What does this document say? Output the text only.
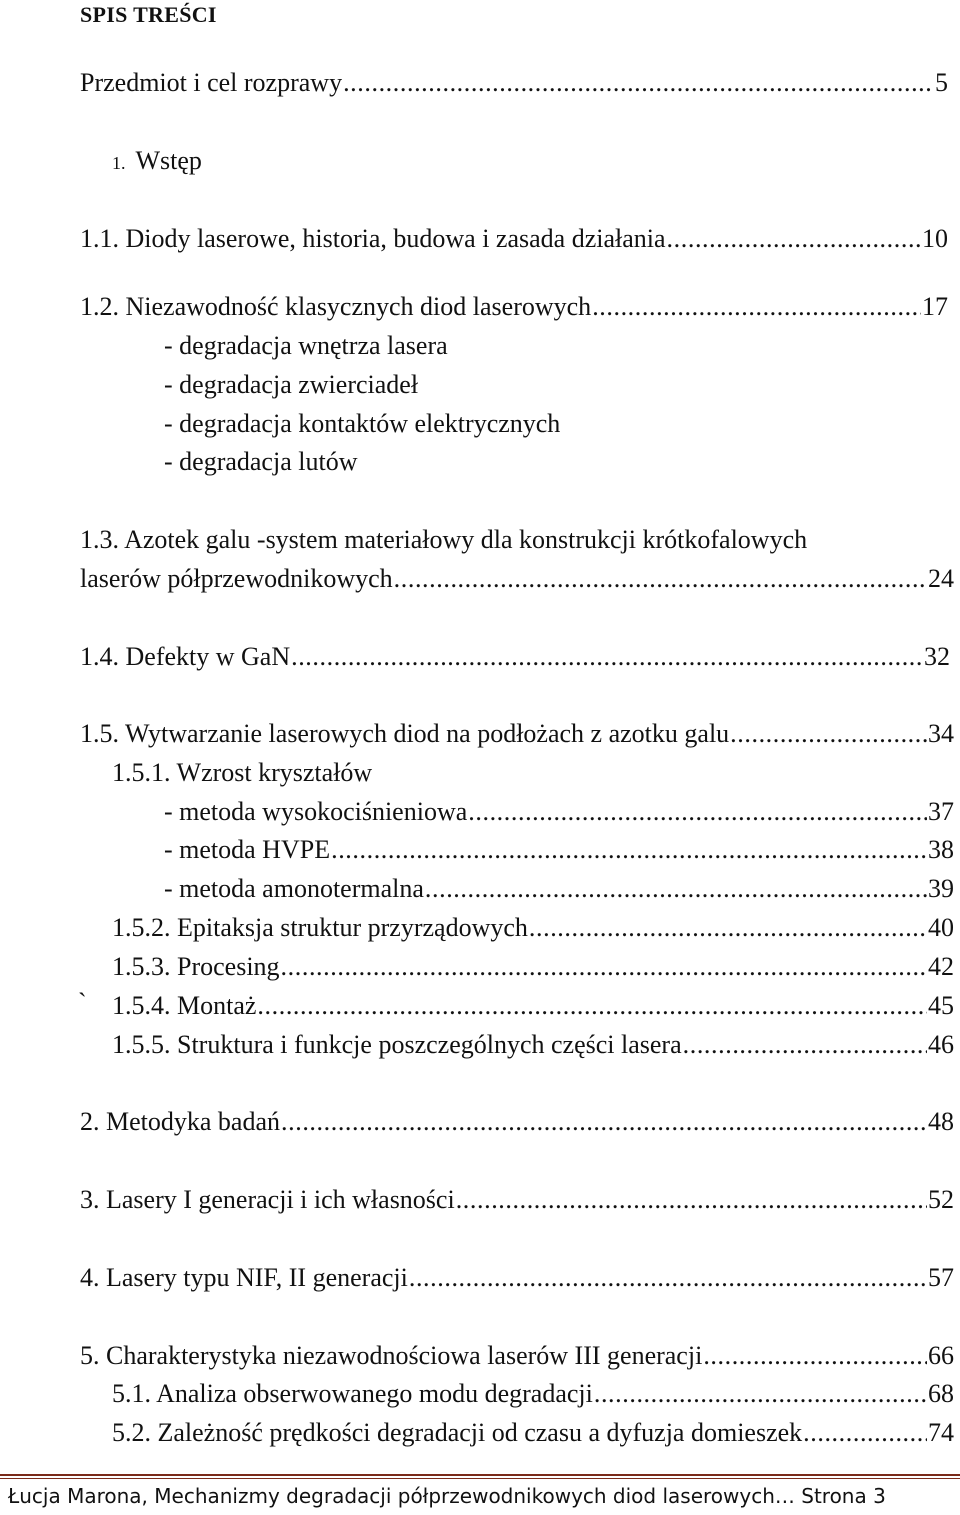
SPIS TREŚCI
Przedmiot i cel rozprawy .....	5
1. Wstęp
1.1. Diody laserowe, historia, budowa i zasada działania .....	10
1.2. Niezawodność klasycznych diod laserowych .....	17
- degradacja wnętrza lasera
- degradacja zwierciadeł
- degradacja kontaktów elektrycznych
- degradacja lutów
1.3. Azotek galu -system materiałowy dla konstrukcji krótkofalowych
laserów półprzewodnikowych .....	24
1.4. Defekty w GaN .....	32
1.5. Wytwarzanie laserowych diod na podłożach z azotku galu .....	34
1.5.1. Wzrost kryształów
- metoda wysokociśnieniowa .....	37
- metoda HVPE .....	38
- metoda amonotermalna .....	39
1.5.2. Epitaksja struktur przyrządowych .....	40
1.5.3. Procesing .....	42
` 1.5.4. Montaż .....	45
1.5.5. Struktura i funkcje poszczególnych części lasera .....	46
2. Metodyka badań .....	48
3. Lasery I generacji i ich własności .....	52
4. Lasery typu NIF, II generacji .....	57
5. Charakterystyka niezawodnościowa laserów III generacji .....	66
5.1. Analiza obserwowanego modu degradacji .....	68
5.2. Zależność prędkości degradacji od czasu a dyfuzja domieszek .....	74
Łucja Marona, Mechanizmy degradacji półprzewodnikowych diod laserowych… Strona 3
